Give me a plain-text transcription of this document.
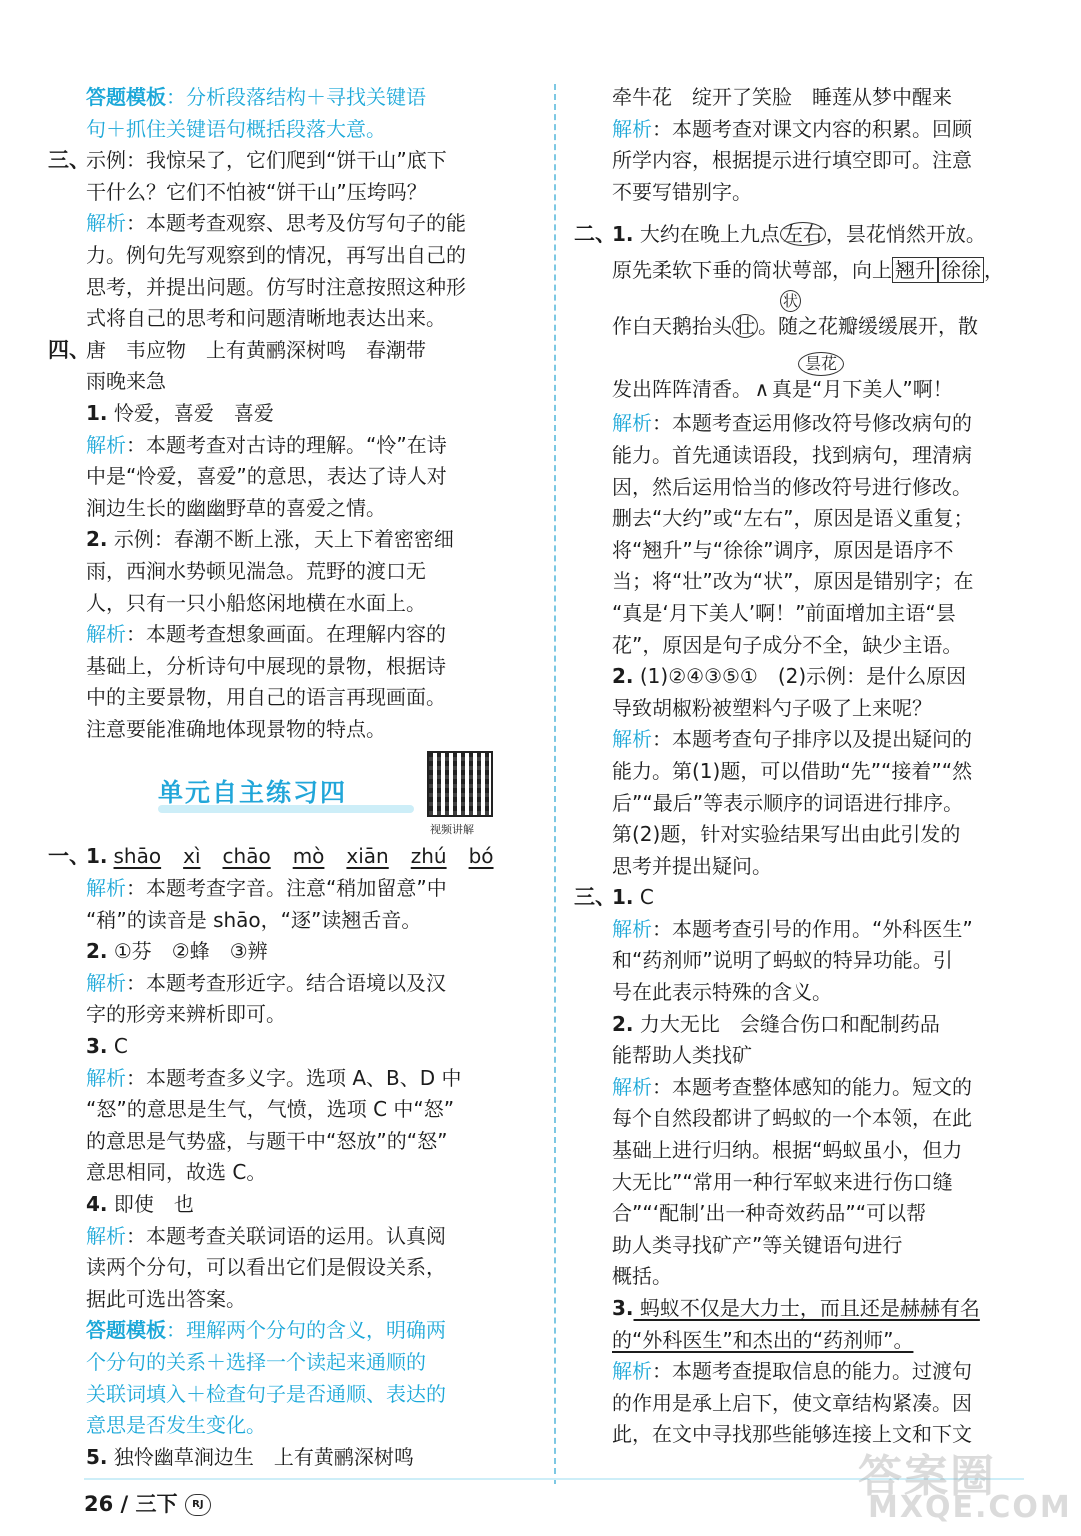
答题模板：分析段落结构＋寻找关键语
句＋抓住关键语句概括段落大意。
三、
示例：我惊呆了，它们爬到“饼干山”底下
干什么？它们不怕被“饼干山”压垮吗？
解析：本题考查观察、思考及仿写句子的能
力。例句先写观察到的情况，再写出自己的
思考，并提出问题。仿写时注意按照这种形
式将自己的思考和问题清晰地表达出来。
四、
唐　韦应物　上有黄鹂深树鸣　春潮带
雨晚来急
1. 怜爱，喜爱　喜爱
解析：本题考查对古诗的理解。“怜”在诗
中是“怜爱，喜爱”的意思，表达了诗人对
涧边生长的幽幽野草的喜爱之情。
2. 示例：春潮不断上涨，天上下着密密细
雨，西涧水势顿见湍急。荒野的渡口无
人，只有一只小船悠闲地横在水面上。
解析：本题考查想象画面。在理解内容的
基础上，分析诗句中展现的景物，根据诗
中的主要景物，用自己的语言再现画面。
注意要能准确地体现景物的特点。
单元自主练习四
视频讲解
一、
1. shāo xì chāo mò xiān zhú bó
解析：本题考查字音。注意“稍加留意”中
“稍”的读音是 shāo，“逐”读翘舌音。
2. ①芬　②蜂　③辨
解析：本题考查形近字。结合语境以及汉
字的形旁来辨析即可。
3. C
解析：本题考查多义字。选项 A、B、D 中
“怒”的意思是生气，气愤，选项 C 中“怒”
的意思是气势盛，与题干中“怒放”的“怒”
意思相同，故选 C。
4. 即使　也
解析：本题考查关联词语的运用。认真阅
读两个分句，可以看出它们是假设关系，
据此可选出答案。
答题模板：理解两个分句的含义，明确两
个分句的关系＋选择一个读起来通顺的
关联词填入＋检查句子是否通顺、表达的
意思是否发生变化。
5. 独怜幽草涧边生　上有黄鹂深树鸣
牵牛花　绽开了笑脸　睡莲从梦中醒来
解析：本题考查对课文内容的积累。回顾
所学内容，根据提示进行填空即可。注意
不要写错别字。
二、
1. 大约在晚上九点 左右 ，昙花悄然开放。
原先柔软下垂的筒状萼部，向上 翘升 徐徐 ，
状
作白天鹅抬头 壮 。随之花瓣缓缓展开，散
昙花
发出阵阵清香。 ∧ 真是“月下美人”啊！
解析：本题考查运用修改符号修改病句的
能力。首先通读语段，找到病句，理清病
因，然后运用恰当的修改符号进行修改。
删去“大约”或“左右”，原因是语义重复；
将“翘升”与“徐徐”调序，原因是语序不
当；将“壮”改为“状”，原因是错别字；在
“真是‘月下美人’啊！”前面增加主语“昙
花”，原因是句子成分不全，缺少主语。
2. (1)②④③⑤①　(2)示例：是什么原因
导致胡椒粉被塑料勺子吸了上来呢？
解析：本题考查句子排序以及提出疑问的
能力。第(1)题，可以借助“先”“接着”“然
后”“最后”等表示顺序的词语进行排序。
第(2)题，针对实验结果写出由此引发的
思考并提出疑问。
三、
1. C
解析：本题考查引号的作用。“外科医生”
和“药剂师”说明了蚂蚁的特异功能。引
号在此表示特殊的含义。
2. 力大无比　会缝合伤口和配制药品
能帮助人类找矿
解析：本题考查整体感知的能力。短文的
每个自然段都讲了蚂蚁的一个本领，在此
基础上进行归纳。根据“蚂蚁虽小，但力
大无比”“常用一种行军蚁来进行伤口缝
合”“‘配制’出一种奇效药品”“可以帮
助人类寻找矿产”等关键语句进行
概括。
3. 蚂蚁不仅是大力士，而且还是赫赫有名
的“外科医生”和杰出的“药剂师”。
解析：本题考查提取信息的能力。过渡句
的作用是承上启下，使文章结构紧凑。因
此，在文中寻找那些能够连接上文和下文
26 / 三下 RJ
答案圈
MXQE.COM
